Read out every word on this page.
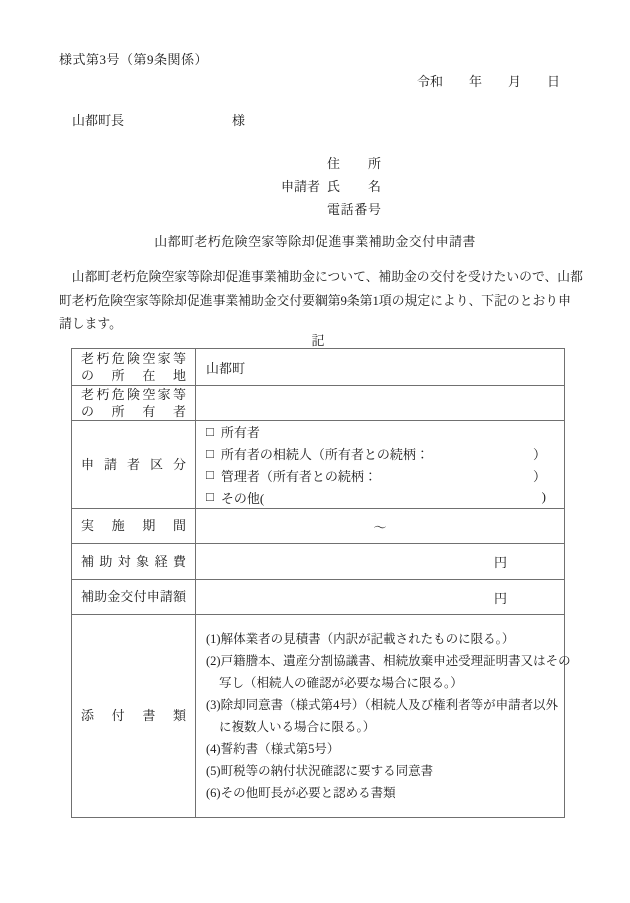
様式第3号（第9条関係）
令和　　年　　月　　日
山都町長	様
住 所
申請者 氏 名
電 話 番 号
山都町老朽危険空家等除却促進事業補助金交付申請書
　山都町老朽危険空家等除却促進事業補助金について、補助金の交付を受けたいので、山都
町老朽危険空家等除却促進事業補助金交付要綱第9条第1項の規定により、下記のとおり申
請します。
記
老 朽 危 険 空 家 等
の 所 在 地	山都町
老 朽 危 険 空 家 等
の 所 有 者
申 請 者 区 分
□ 所有者
□ 所有者の相続人（所有者との続柄：	）
□ 管理者（所有者との続柄：	）
□ その他(	)
実 施 期 間	～
補 助 対 象 経 費	円
補 助 金 交 付 申 請 額	円
添 付 書 類
(1)解体業者の見積書（内訳が記載されたものに限る。）
(2)戸籍謄本、遺産分割協議書、相続放棄申述受理証明書又はその
写し（相続人の確認が必要な場合に限る。）
(3)除却同意書（様式第4号）（相続人及び権利者等が申請者以外
に複数人いる場合に限る。）
(4)誓約書（様式第5号）
(5)町税等の納付状況確認に要する同意書
(6)その他町長が必要と認める書類
